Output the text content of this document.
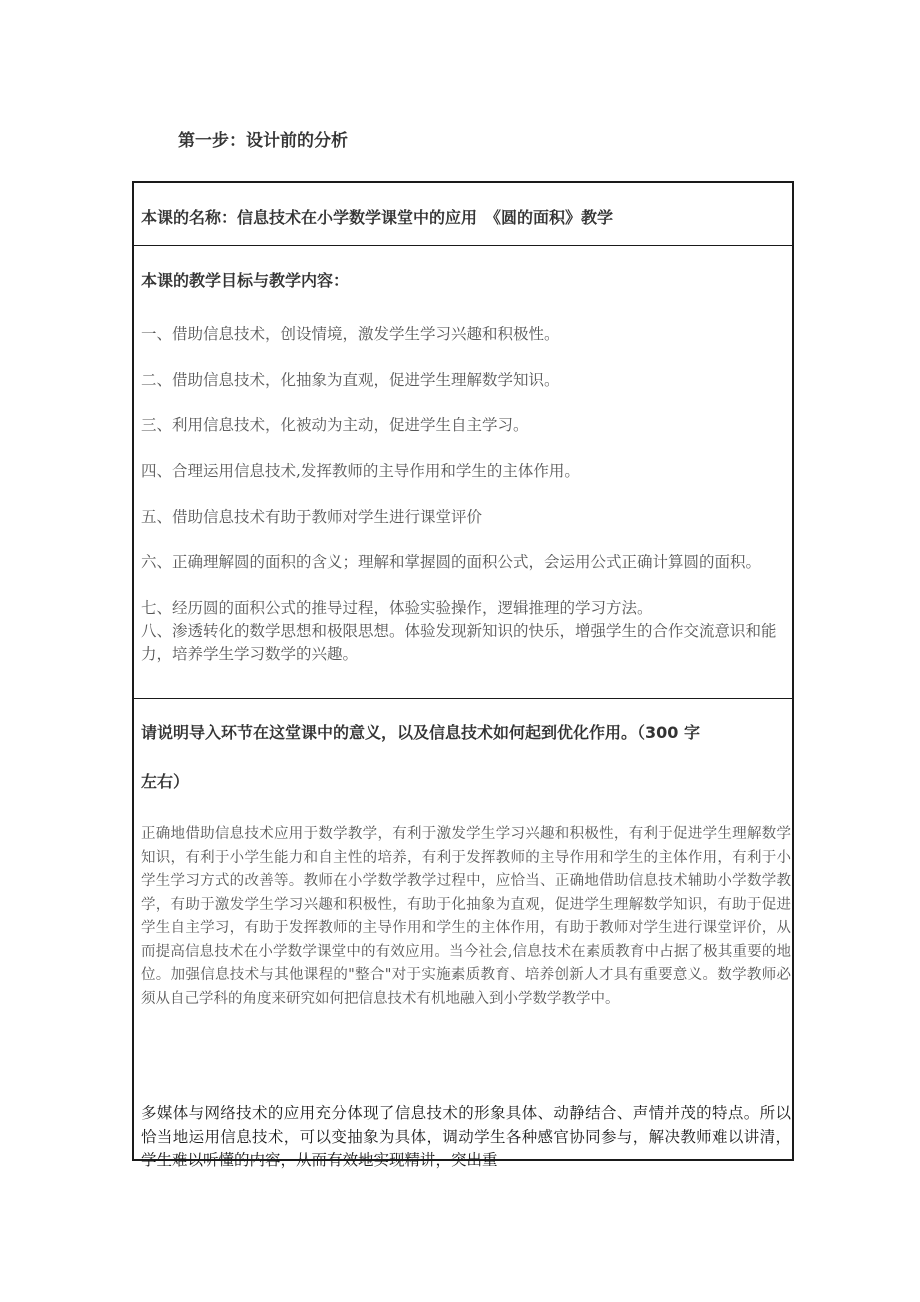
第一步：设计前的分析
本课的名称：信息技术在小学数学课堂中的应用　《圆的面积》教学
本课的教学目标与教学内容：
一、借助信息技术，创设情境，激发学生学习兴趣和积极性。
二、借助信息技术，化抽象为直观，促进学生理解数学知识。
三、利用信息技术，化被动为主动，促进学生自主学习。
四、合理运用信息技术,发挥教师的主导作用和学生的主体作用。
五、借助信息技术有助于教师对学生进行课堂评价
六、正确理解圆的面积的含义；理解和掌握圆的面积公式，会运用公式正确计算圆的面积。
七、经历圆的面积公式的推导过程，体验实验操作，逻辑推理的学习方法。
八、渗透转化的数学思想和极限思想。体验发现新知识的快乐，增强学生的合作交流意识和能力，培养学生学习数学的兴趣。
请说明导入环节在这堂课中的意义，以及信息技术如何起到优化作用。（300 字
左右）
正确地借助信息技术应用于数学教学，有利于激发学生学习兴趣和积极性，有利于促进学生理解数学知识，有利于小学生能力和自主性的培养，有利于发挥教师的主导作用和学生的主体作用，有利于小学生学习方式的改善等。教师在小学数学教学过程中，应恰当、正确地借助信息技术辅助小学数学教学，有助于激发学生学习兴趣和积极性，有助于化抽象为直观，促进学生理解数学知识，有助于促进学生自主学习，有助于发挥教师的主导作用和学生的主体作用，有助于教师对学生进行课堂评价，从而提高信息技术在小学数学课堂中的有效应用。当今社会,信息技术在素质教育中占据了极其重要的地位。加强信息技术与其他课程的"整合"对于实施素质教育、培养创新人才具有重要意义。数学教师必须从自己学科的角度来研究如何把信息技术有机地融入到小学数学教学中。
多媒体与网络技术的应用充分体现了信息技术的形象具体、动静结合、声情并茂的特点。所以恰当地运用信息技术，可以变抽象为具体，调动学生各种感官协同参与，解决教师难以讲清，学生难以听懂的内容，从而有效地实现精讲，突出重
